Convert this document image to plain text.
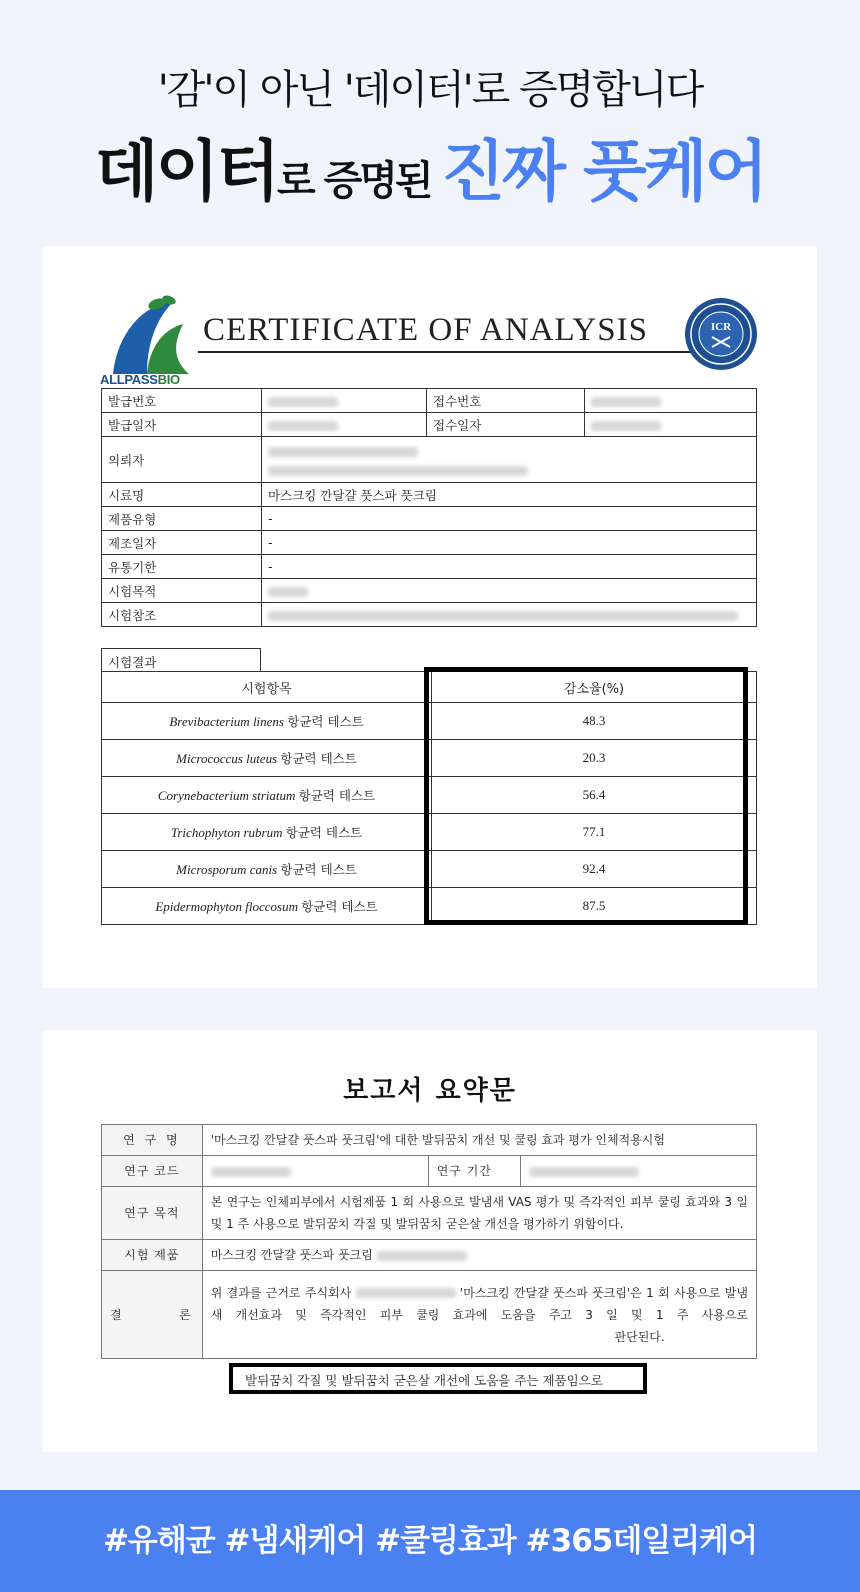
'감'이 아닌 '데이터'로 증명합니다
데이터로 증명된 진짜 풋케어
ALLPASSBIO
CERTIFICATE OF ANALYSIS	ICR
발급번호		접수번호	
발급일자		접수일자	
의뢰자			

시료명	마스크킹 깐달걀 풋스파 풋크림		
제품유형	-		
제조일자	-		
유통기한	-		
시험목적			
시험참조			
시험결과
시험항목	감소율(%)
Brevibacterium linens 항균력 테스트	48.3
Micrococcus luteus 항균력 테스트	20.3
Corynebacterium striatum 항균력 테스트	56.4
Trichophyton rubrum 항균력 테스트	77.1
Microsporum canis 항균력 테스트	92.4
Epidermophyton floccosum 항균력 테스트	87.5
보고서 요약문
연 구 명	'마스크킹 깐달걀 풋스파 풋크림'에 대한 발뒤꿈치 개선 및 쿨링 효과 평가 인체적용시험		
연구 코드		연구 기간	
연구 목적	본 연구는 인체피부에서 시험제품 1 회 사용으로 발냄새 VAS 평가 및 즉각적인 피부 쿨링 효과와 3 일 및 1 주 사용으로 발뒤꿈치 각질 및 발뒤꿈치 굳은살 개선을 평가하기 위함이다.		
시험 제품	마스크킹 깐달걀 풋스파 풋크림		
결        론	위 결과를 근거로 주식회사 '마스크킹 깐달걀 풋스파 풋크림'은 1 회 사용으로 발냄새 개선효과 및 즉각적인 피부 쿨링 효과에 도움을 주고 3 일 및 1 주 사용으로  판단된다.		
발뒤꿈치 각질 및 발뒤꿈치 굳은살 개선에 도움을 주는 제품임으로
#유해균 #냄새케어 #쿨링효과 #365데일리케어
